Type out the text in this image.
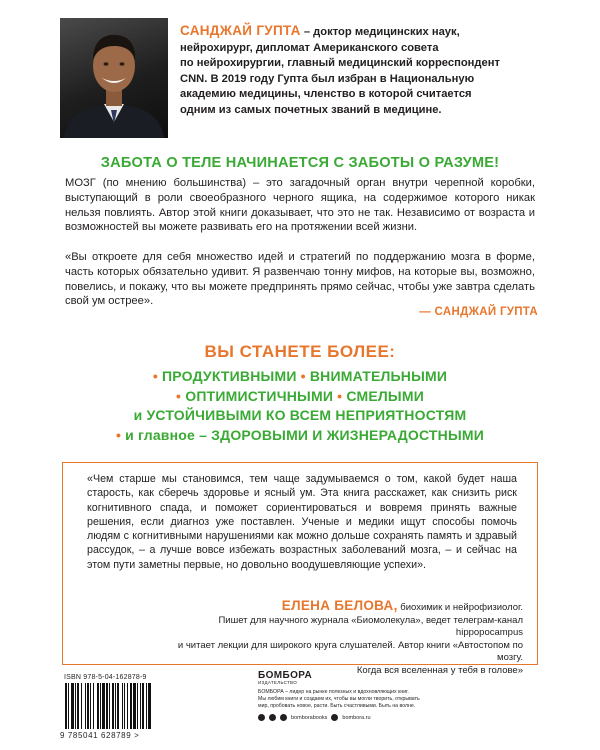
САНДЖАЙ ГУПТА – доктор медицинских наук,
нейрохирург, дипломат Американского совета
по нейрохирургии, главный медицинский корреспондент
CNN. В 2019 году Гупта был избран в Национальную
академию медицины, членство в которой считается
одним из самых почетных званий в медицине.
ЗАБОТА О ТЕЛЕ НАЧИНАЕТСЯ С ЗАБОТЫ О РАЗУМЕ!

МОЗГ (по мнению большинства) – это загадочный орган внутри черепной коробки, выступающий в роли своеобразного черного ящика, на содержимое которого никак нельзя повлиять. Автор этой книги доказывает, что это не так. Независимо от возраста и возможностей вы можете развивать его на протяжении всей жизни.

«Вы откроете для себя множество идей и стратегий по поддержанию мозга в форме, часть которых обязательно удивит. Я развенчаю тонну мифов, на которые вы, возможно, повелись, и покажу, что вы можете предпринять прямо сейчас, чтобы уже завтра сделать свой ум острее».

— САНДЖАЙ ГУПТА
ВЫ СТАНЕТЕ БОЛЕЕ:
• ПРОДУКТИВНЫМИ • ВНИМАТЕЛЬНЫМИ
• ОПТИМИСТИЧНЫМИ • СМЕЛЫМИ
и УСТОЙЧИВЫМИ КО ВСЕМ НЕПРИЯТНОСТЯМ
• и главное – ЗДОРОВЫМИ И ЖИЗНЕРАДОСТНЫМИ

«Чем старше мы становимся, тем чаще задумываемся о том, какой будет наша старость, как сберечь здоровье и ясный ум. Эта книга расскажет, как снизить риск когнитивного спада, и поможет сориентироваться и вовремя принять важные решения, если диагноз уже поставлен. Ученые и медики ищут способы помочь людям с когнитивными нарушениями как можно дольше сохранять память и здравый рассудок, – а лучше вовсе избежать возрастных заболеваний мозга, – и сейчас на этом пути заметны первые, но довольно воодушевляющие успехи».

ЕЛЕНА БЕЛОВА, биохимик и нейрофизиолог.
Пишет для научного журнала «Биомолекула», ведет телеграм-канал hippopocampus
и читает лекции для широкого круга слушателей. Автор книги «Автостопом по мозгу.
Когда вся вселенная у тебя в голове»
ISBN 978-5-04-162878-9
9 785041 628789 >
БОМБОРА
ИЗДАТЕЛЬСТВО
БОМБОРА – лидер на рынке полезных и вдохновляющих книг.
Мы любим книги и создаем их, чтобы вы могли творить, открывать
мир, пробовать новое, расти. Быть счастливыми. Быть на волне.
bomborabooks	bombora.ru
